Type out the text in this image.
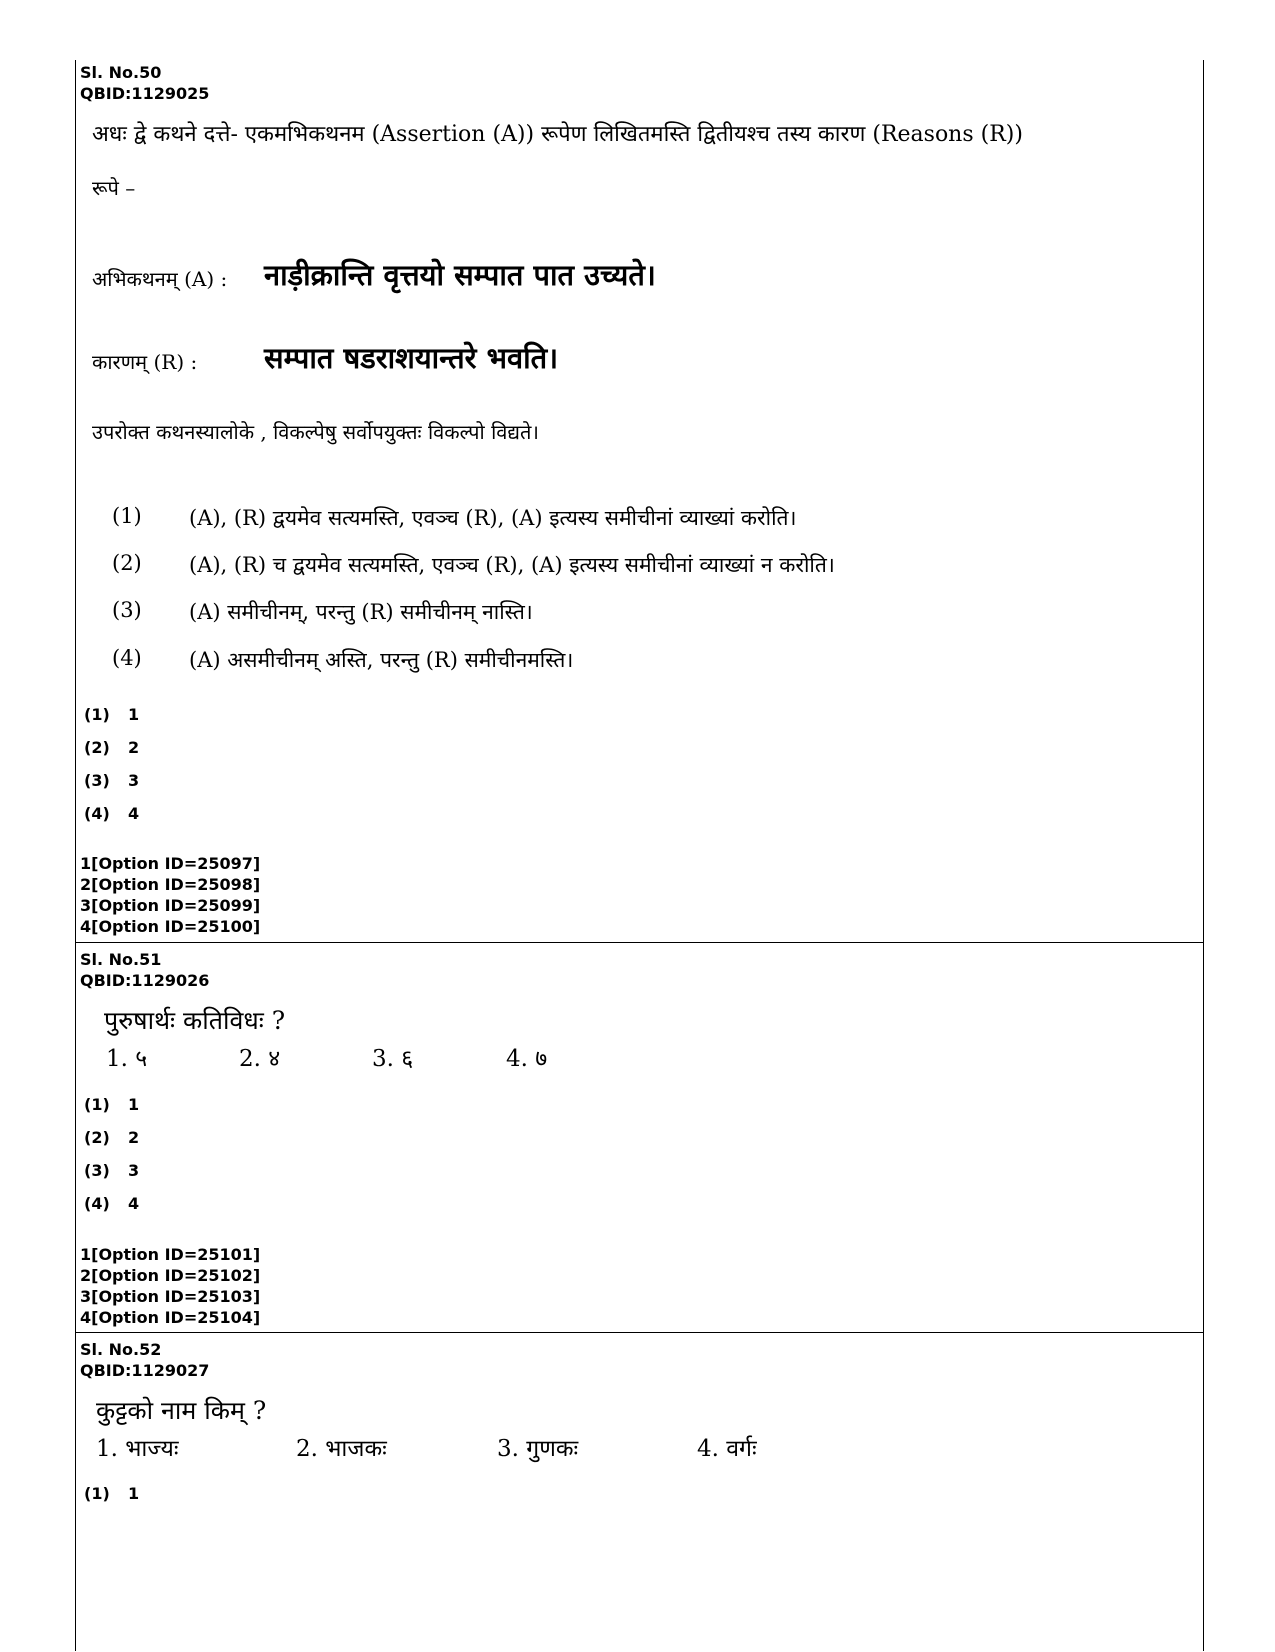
Sl. No.50
QBID:1129025
अधः द्वे कथने दत्ते- एकमभिकथनम (Assertion (A)) रूपेण लिखितमस्ति द्वितीयश्च तस्य कारण (Reasons (R))
रूपे –
अभिकथनम् (A) : नाड़ीक्रान्ति वृत्तयो सम्पात पात उच्यते।
कारणम् (R) : सम्पात षडराशयान्तरे भवति।
उपरोक्त कथनस्यालोके , विकल्पेषु सर्वोपयुक्तः विकल्पो विद्यते।
(1) (A), (R) द्वयमेव सत्यमस्ति, एवञ्च (R), (A) इत्यस्य समीचीनां व्याख्यां करोति।
(2) (A), (R) च द्वयमेव सत्यमस्ति, एवञ्च (R), (A) इत्यस्य समीचीनां व्याख्यां न करोति।
(3) (A) समीचीनम्, परन्तु (R) समीचीनम् नास्ति।
(4) (A) असमीचीनम् अस्ति, परन्तु (R) समीचीनमस्ति।
(1) 1
(2) 2
(3) 3
(4) 4
1[Option ID=25097]
2[Option ID=25098]
3[Option ID=25099]
4[Option ID=25100]
Sl. No.51
QBID:1129026
पुरुषार्थः कतिविधः ?
1. ५	2. ४	3. ६	4. ७
(1) 1
(2) 2
(3) 3
(4) 4
1[Option ID=25101]
2[Option ID=25102]
3[Option ID=25103]
4[Option ID=25104]
Sl. No.52
QBID:1129027
कुट्टको नाम किम् ?
1. भाज्यः	2. भाजकः	3. गुणकः	4. वर्गः
(1) 1
